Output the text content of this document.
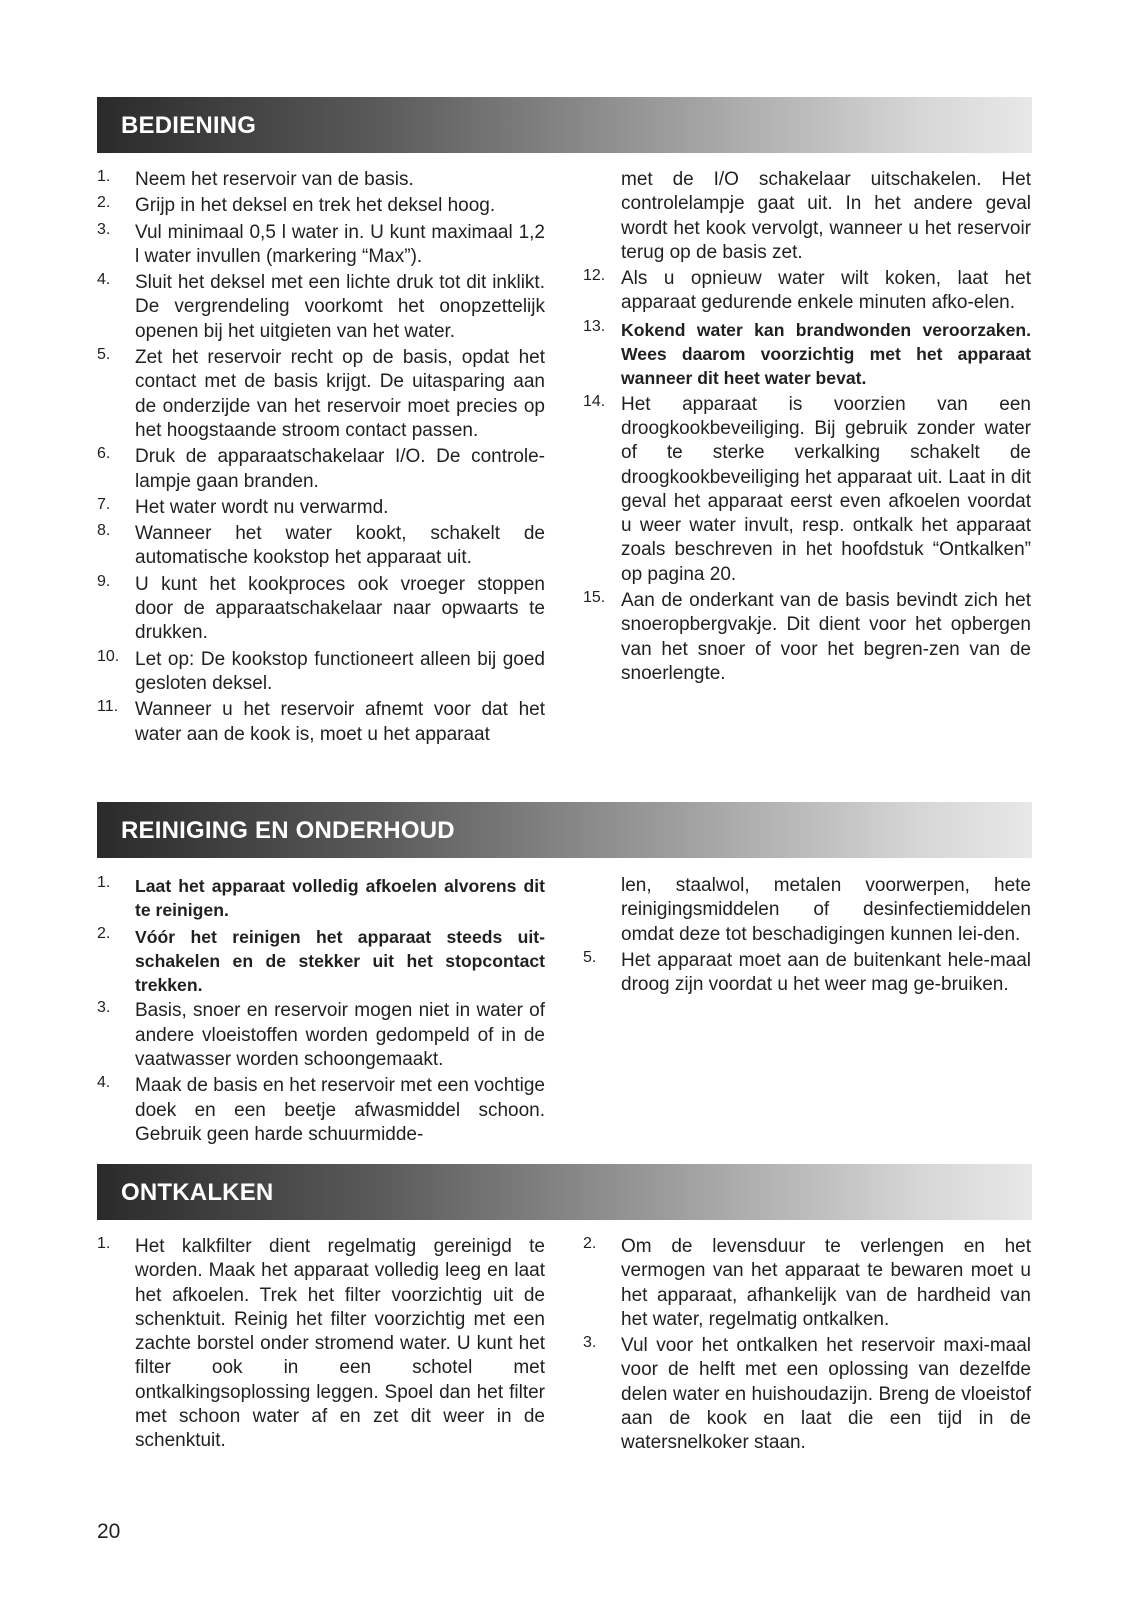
BEDIENING
1.	Neem het reservoir van de basis.
2.	Grijp in het deksel en trek het deksel hoog.
3.	Vul minimaal 0,5 l water in. U kunt maximaal 1,2 l water invullen (markering “Max”).
4.	Sluit het deksel met een lichte druk tot dit inklikt. De vergrendeling voorkomt het onopzettelijk openen bij het uitgieten van het water.
5.	Zet het reservoir recht op de basis, opdat het contact met de basis krijgt. De uitasparing aan de onderzijde van het reservoir moet precies op het hoogstaande stroom contact passen.
6.	Druk de apparaatschakelaar I/O. De controle-lampje gaan branden.
7.	Het water wordt nu verwarmd.
8.	Wanneer het water kookt, schakelt de automatische kookstop het apparaat uit.
9.	U kunt het kookproces ook vroeger stoppen door de apparaatschakelaar naar opwaarts te drukken.
10. Let op: De kookstop functioneert alleen bij goed gesloten deksel.
11. Wanneer u het reservoir afnemt voor dat het water aan de kook is, moet u het apparaat
met de I/O schakelaar uitschakelen. Het controlelampje gaat uit. In het andere geval wordt het kook vervolgt, wanneer u het reservoir terug op de basis zet.
12. Als u opnieuw water wilt koken, laat het apparaat gedurende enkele minuten afko-elen.
13. Kokend water kan brandwonden veroorzaken. Wees daarom voorzichtig met het apparaat wanneer dit heet water bevat.
14. Het apparaat is voorzien van een droogkookbeveiliging. Bij gebruik zonder water of te sterke verkalking schakelt de droogkookbeveiliging het apparaat uit. Laat in dit geval het apparaat eerst even afkoelen voordat u weer water invult, resp. ontkalk het apparaat zoals beschreven in het hoofdstuk “Ontkalken” op pagina 20.
15. Aan de onderkant van de basis bevindt zich het snoeropbergvakje. Dit dient voor het opbergen van het snoer of voor het begren-zen van de snoerlengte.
REINIGING EN ONDERHOUD
1.	Laat het apparaat volledig afkoelen alvorens dit te reinigen.
2.	Vóór het reinigen het apparaat steeds uit-schakelen en de stekker uit het stopcontact trekken.
3.	Basis, snoer en reservoir mogen niet in water of andere vloeistoffen worden gedompeld of in de vaatwasser worden schoongemaakt.
4.	Maak de basis en het reservoir met een vochtige doek en een beetje afwasmiddel schoon. Gebruik geen harde schuurmidde-
len, staalwol, metalen voorwerpen, hete reinigingsmiddelen of desinfectiemiddelen omdat deze tot beschadigingen kunnen lei-den.
5.	Het apparaat moet aan de buitenkant hele-maal droog zijn voordat u het weer mag ge-bruiken.
ONTKALKEN
1.	Het kalkfilter dient regelmatig gereinigd te worden. Maak het apparaat volledig leeg en laat het afkoelen. Trek het filter voorzichtig uit de schenktuit. Reinig het filter voorzichtig met een zachte borstel onder stromend water. U kunt het filter ook in een schotel met ontkalkingsoplossing leggen. Spoel dan het filter met schoon water af en zet dit weer in de schenktuit.
2.	Om de levensduur te verlengen en het vermogen van het apparaat te bewaren moet u het apparaat, afhankelijk van de hardheid van het water, regelmatig ontkalken.
3.	Vul voor het ontkalken het reservoir maxi-maal voor de helft met een oplossing van dezelfde delen water en huishoudazijn. Breng de vloeistof aan de kook en laat die een tijd in de watersnelkoker staan.
20
